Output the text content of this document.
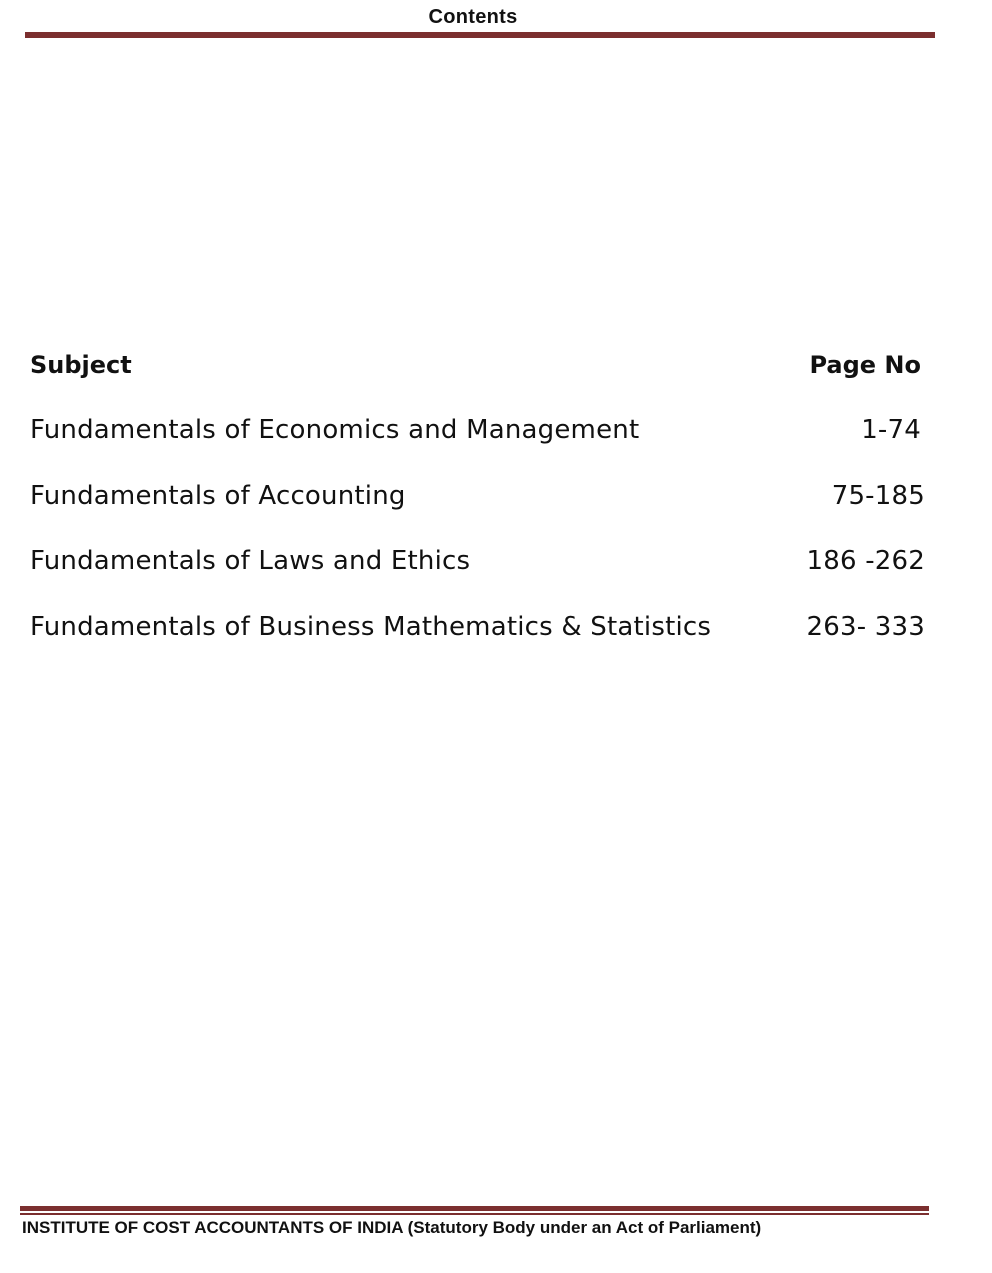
Contents
Subject	Page No
Fundamentals of Economics and Management	1-74
Fundamentals of Accounting	75-185
Fundamentals of Laws and Ethics	186 -262
Fundamentals of Business Mathematics & Statistics	263- 333
INSTITUTE OF COST ACCOUNTANTS OF INDIA (Statutory Body under an Act of Parliament)
